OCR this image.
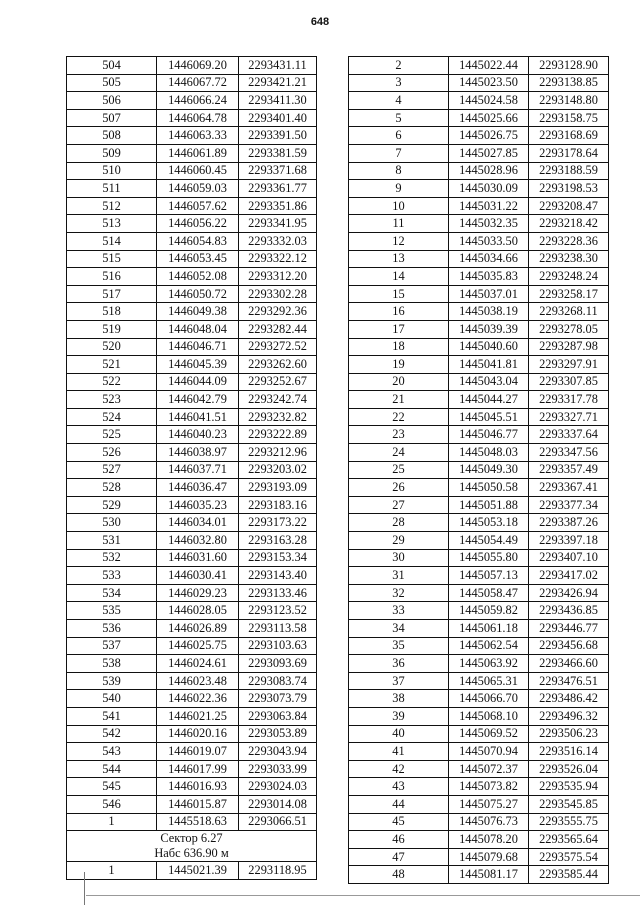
648
504	1446069.20	2293431.11
505	1446067.72	2293421.21
506	1446066.24	2293411.30
507	1446064.78	2293401.40
508	1446063.33	2293391.50
509	1446061.89	2293381.59
510	1446060.45	2293371.68
511	1446059.03	2293361.77
512	1446057.62	2293351.86
513	1446056.22	2293341.95
514	1446054.83	2293332.03
515	1446053.45	2293322.12
516	1446052.08	2293312.20
517	1446050.72	2293302.28
518	1446049.38	2293292.36
519	1446048.04	2293282.44
520	1446046.71	2293272.52
521	1446045.39	2293262.60
522	1446044.09	2293252.67
523	1446042.79	2293242.74
524	1446041.51	2293232.82
525	1446040.23	2293222.89
526	1446038.97	2293212.96
527	1446037.71	2293203.02
528	1446036.47	2293193.09
529	1446035.23	2293183.16
530	1446034.01	2293173.22
531	1446032.80	2293163.28
532	1446031.60	2293153.34
533	1446030.41	2293143.40
534	1446029.23	2293133.46
535	1446028.05	2293123.52
536	1446026.89	2293113.58
537	1446025.75	2293103.63
538	1446024.61	2293093.69
539	1446023.48	2293083.74
540	1446022.36	2293073.79
541	1446021.25	2293063.84
542	1446020.16	2293053.89
543	1446019.07	2293043.94
544	1446017.99	2293033.99
545	1446016.93	2293024.03
546	1446015.87	2293014.08
1	1445518.63	2293066.51

Сектор 6.27
Набс 636.90 м		

1	1445021.39	2293118.95
2	1445022.44	2293128.90
3	1445023.50	2293138.85
4	1445024.58	2293148.80
5	1445025.66	2293158.75
6	1445026.75	2293168.69
7	1445027.85	2293178.64
8	1445028.96	2293188.59
9	1445030.09	2293198.53
10	1445031.22	2293208.47
11	1445032.35	2293218.42
12	1445033.50	2293228.36
13	1445034.66	2293238.30
14	1445035.83	2293248.24
15	1445037.01	2293258.17
16	1445038.19	2293268.11
17	1445039.39	2293278.05
18	1445040.60	2293287.98
19	1445041.81	2293297.91
20	1445043.04	2293307.85
21	1445044.27	2293317.78
22	1445045.51	2293327.71
23	1445046.77	2293337.64
24	1445048.03	2293347.56
25	1445049.30	2293357.49
26	1445050.58	2293367.41
27	1445051.88	2293377.34
28	1445053.18	2293387.26
29	1445054.49	2293397.18
30	1445055.80	2293407.10
31	1445057.13	2293417.02
32	1445058.47	2293426.94
33	1445059.82	2293436.85
34	1445061.18	2293446.77
35	1445062.54	2293456.68
36	1445063.92	2293466.60
37	1445065.31	2293476.51
38	1445066.70	2293486.42
39	1445068.10	2293496.32
40	1445069.52	2293506.23
41	1445070.94	2293516.14
42	1445072.37	2293526.04
43	1445073.82	2293535.94
44	1445075.27	2293545.85
45	1445076.73	2293555.75
46	1445078.20	2293565.64
47	1445079.68	2293575.54
48	1445081.17	2293585.44
